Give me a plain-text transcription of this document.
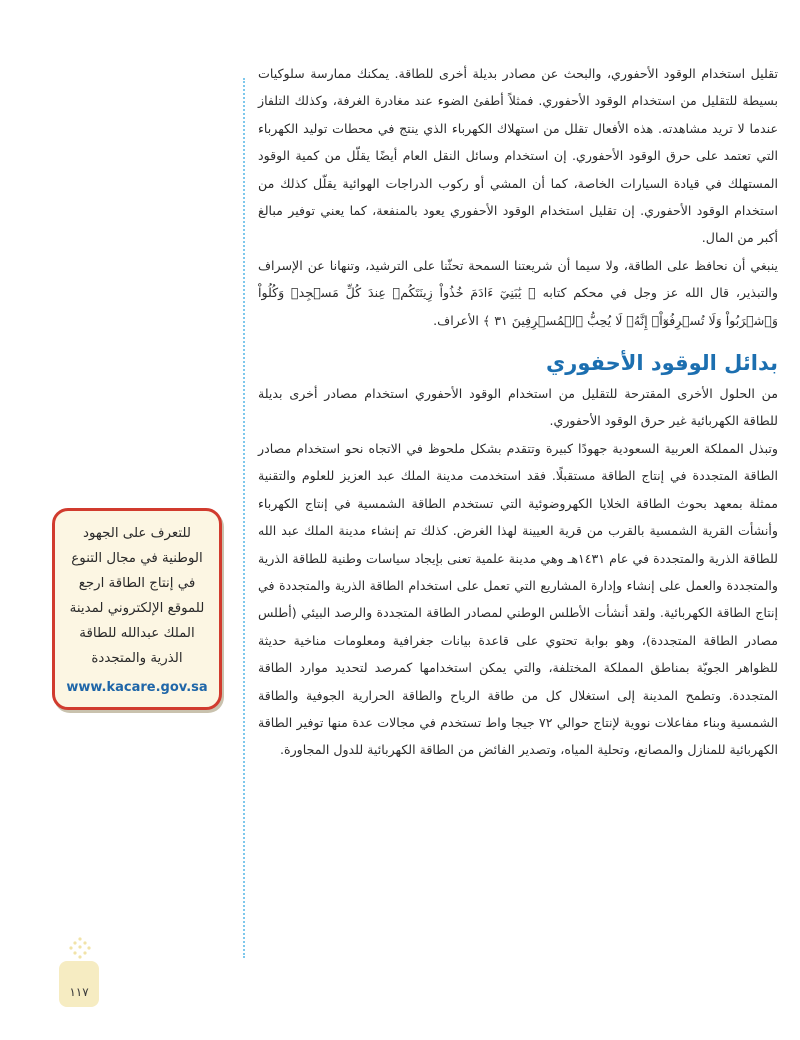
تقليل استخدام الوقود الأحفوري، والبحث عن مصادر بديلة أخرى للطاقة. يمكنك ممارسة سلوكيات بسيطة للتقليل من استخدام الوقود الأحفوري. فمثلاً أطفئ الضوء عند مغادرة الغرفة، وكذلك التلفاز عندما لا تريد مشاهدته. هذه الأفعال تقلل من استهلاك الكهرباء الذي ينتج في محطات توليد الكهرباء التي تعتمد على حرق الوقود الأحفوري. إن استخدام وسائل النقل العام أيضًا يقلّل من كمية الوقود المستهلك في قيادة السيارات الخاصة، كما أن المشي أو ركوب الدراجات الهوائية يقلّل كذلك من استخدام الوقود الأحفوري. إن تقليل استخدام الوقود الأحفوري يعود بالمنفعة، كما يعني توفير مبالغ أكبر من المال.

ينبغي أن نحافظ على الطاقة، ولا سيما أن شريعتنا السمحة تحثّنا على الترشيد، وتنهانا عن الإسراف والتبذير، قال الله عز وجل في محكم كتابه ﴿ يَٰبَنِيٓ ءَادَمَ خُذُواْ زِينَتَكُمۡ عِندَ كُلِّ مَسۡجِدٖ وَكُلُواْ وَٱشۡرَبُواْ وَلَا تُسۡرِفُوٓاْۚ إِنَّهُۥ لَا يُحِبُّ ٱلۡمُسۡرِفِينَ ٣١ ﴾ الأعراف.

بدائل الوقود الأحفوري

من الحلول الأخرى المقترحة للتقليل من استخدام الوقود الأحفوري استخدام مصادر أخرى بديلة للطاقة الكهربائية غير حرق الوقود الأحفوري.

وتبذل المملكة العربية السعودية جهودًا كبيرة وتتقدم بشكل ملحوظ في الاتجاه نحو استخدام مصادر الطاقة المتجددة في إنتاج الطاقة مستقبلًا. فقد استخدمت مدينة الملك عبد العزيز للعلوم والتقنية ممثلة بمعهد بحوث الطاقة الخلايا الكهروضوئية التي تستخدم الطاقة الشمسية في إنتاج الكهرباء وأنشأت القرية الشمسية بالقرب من قرية العيينة لهذا الغرض. كذلك تم إنشاء مدينة الملك عبد الله للطاقة الذرية والمتجددة في عام ١٤٣١هـ وهي مدينة علمية تعنى بإيجاد سياسات وطنية للطاقة الذرية والمتجددة والعمل على إنشاء وإدارة المشاريع التي تعمل على استخدام الطاقة الذرية والمتجددة في إنتاج الطاقة الكهربائية. ولقد أنشأت الأطلس الوطني لمصادر الطاقة المتجددة والرصد البيئي (أطلس مصادر الطاقة المتجددة)، وهو بوابة تحتوي على قاعدة بيانات جغرافية ومعلومات مناخية حديثة للظواهر الجويّة بمناطق المملكة المختلفة، والتي يمكن استخدامها كمرصد لتحديد موارد الطاقة المتجددة. وتطمح المدينة إلى استغلال كل من طاقة الرياح والطاقة الحرارية الجوفية والطاقة الشمسية وبناء مفاعلات نووية لإنتاج حوالي ٧٢ جيجا واط تستخدم في مجالات عدة منها توفير الطاقة الكهربائية للمنازل والمصانع، وتحلية المياه، وتصدير الفائض من الطاقة الكهربائية للدول المجاورة.

للتعرف على الجهود الوطنية في مجال التنوع في إنتاج الطاقة ارجع للموقع الإلكتروني لمدينة الملك عبدالله للطاقة الذرية والمتجددة
www.kacare.gov.sa
١١٧
